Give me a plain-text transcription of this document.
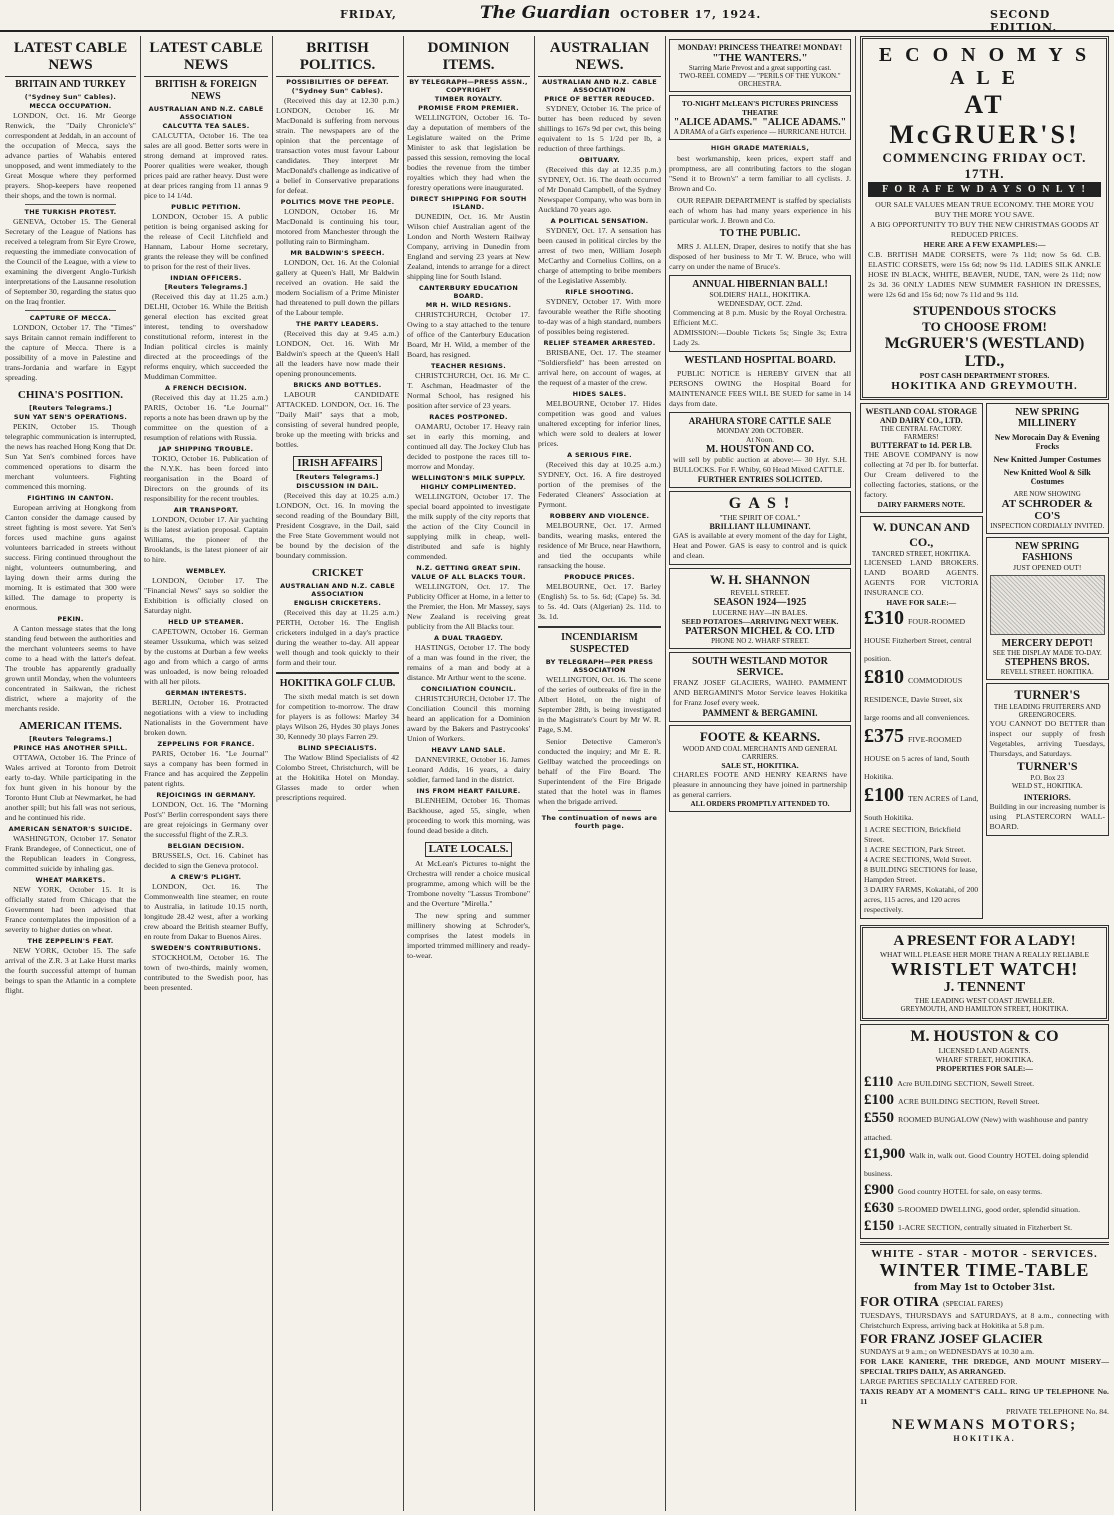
FRIDAY,	The Guardian OCTOBER 17, 1924.	SECOND EDITION.
LATEST CABLE NEWS
BRITAIN AND TURKEY
("Sydney Sun" Cables).
MECCA OCCUPATION.

LONDON, Oct. 16. Mr George Renwick, the "Daily Chronicle's" correspondent at Jeddah, in an account of the occupation of Mecca, says the advance parties of Wahabis entered unopposed, and went immediately to the Great Mosque where they performed prayers. Shop-keepers have reopened their shops, and the town is normal.

THE TURKISH PROTEST.

GENEVA, October 15. The General Secretary of the League of Nations has received a telegram from Sir Eyre Crowe, requesting the immediate convocation of the Council of the League, with a view to examining the divergent Anglo-Turkish interpretations of the Lausanne resolution of September 30, regarding the status quo on the Iraq frontier.

CAPTURE OF MECCA.

LONDON, October 17. The "Times" says Britain cannot remain indifferent to the capture of Mecca. There is a possibility of a move in Palestine and trans-Jordania and warfare in Egypt spreading.

CHINA'S POSITION.
[Reuters Telegrams.]
SUN YAT SEN'S OPERATIONS.

PEKIN, October 15. Though telegraphic communication is interrupted, the news has reached Hong Kong that Dr. Sun Yat Sen's combined forces have commenced operations to disarm the merchant volunteers. Fighting commenced this morning.

FIGHTING IN CANTON.

European arriving at Hongkong from Canton consider the damage caused by street fighting is most severe. Yat Sen's forces used machine guns against volunteers barricaded in streets without success. Firing continued throughout the night, volunteers outnumbering, and laying down their arms during the morning. It is estimated that 300 were killed. The damage to property is enormous.

PEKIN.

A Canton message states that the long standing feud between the authorities and the merchant volunteers seems to have come to a head with the latter's defeat. The trouble has apparently gradually grown until Monday, when the volunteers concentrated in Saikwan, the richest district, where a majority of the merchants reside.

AMERICAN ITEMS.
[Reuters Telegrams.]
PRINCE HAS ANOTHER SPILL.

OTTAWA, October 16. The Prince of Wales arrived at Toronto from Detroit early to-day. While participating in the fox hunt given in his honour by the Toronto Hunt Club at Newmarket, he had another spill; but his fall was not serious, and he continued his ride.

AMERICAN SENATOR'S SUICIDE.

WASHINGTON, October 17. Senator Frank Brandegee, of Connecticut, one of the Republican leaders in Congress, committed suicide by inhaling gas.

WHEAT MARKETS.

NEW YORK, October 15. It is officially stated from Chicago that the Government had been advised that France contemplates the imposition of a severity to higher duties on wheat.

THE ZEPPELIN'S FEAT.

NEW YORK, October 15. The safe arrival of the Z.R. 3 at Lake Hurst marks the fourth successful attempt of human beings to span the Atlantic in a complete flight.

LATEST CABLE NEWS
BRITISH & FOREIGN NEWS
AUSTRALIAN AND N.Z. CABLE ASSOCIATION
CALCUTTA TEA SALES.

CALCUTTA, October 16. The tea sales are all good. Better sorts were in strong demand at improved rates. Poorer qualities were weaker, though prices paid are rather heavy. Dust were at dear prices ranging from 11 annas 9 pice to 14 1/4d.

PUBLIC PETITION.

LONDON, October 15. A public petition is being organised asking for the release of Cecil Litchfield and Hannam, Labour Home secretary, grants the release they will be confined to prison for the rest of their lives.

INDIAN OFFICERS.
[Reuters Telegrams.]

(Received this day at 11.25 a.m.) DELHI, October 16. While the British general election has excited great interest, tending to overshadow constitutional reform, interest in the Indian political circles is mainly directed at the proceedings of the reforms enquiry, which succeeded the Muddiman Committee.

A FRENCH DECISION.

(Received this day at 11.25 a.m.) PARIS, October 16. "Le Journal" reports a note has been drawn up by the committee on the question of a resumption of relations with Russia.

JAP SHIPPING TROUBLE.

TOKIO, October 16. Publication of the N.Y.K. has been forced into reorganisation in the Board of Directors on the grounds of its responsibility for the recent troubles.

AIR TRANSPORT.

LONDON, October 17. Air yachting is the latest aviation proposal. Captain Williams, the pioneer of the Brooklands, is the latest pioneer of air to hire.

WEMBLEY.

LONDON, October 17. The "Financial News" says so soldier the Exhibition is officially closed on Saturday night.

HELD UP STEAMER.

CAPETOWN, October 16. German steamer Ussukuma, which was seized by the customs at Durban a few weeks ago and from which a cargo of arms was unloaded, is now being reloaded with all her pilots.

GERMAN INTERESTS.

BERLIN, October 16. Protracted negotiations with a view to including Nationalists in the Government have broken down.

ZEPPELINS FOR FRANCE.

PARIS, October 16. "Le Journal" says a company has been formed in France and has acquired the Zeppelin patent rights.

REJOICINGS IN GERMANY.

LONDON, Oct. 16. The "Morning Post's" Berlin correspondent says there are great rejoicings in Germany over the successful flight of the Z.R.3.

BELGIAN DECISION.

BRUSSELS, Oct. 16. Cabinet has decided to sign the Geneva protocol.

A CREW'S PLIGHT.

LONDON, Oct. 16. The Commonwealth line steamer, en route to Australia, in latitude 10.15 north, longitude 28.42 west, after a working crew aboard the British steamer Buffy, en route from Dakar to Buenos Aires.

SWEDEN'S CONTRIBUTIONS.

STOCKHOLM, October 16. The town of two-thirds, mainly women, contributed to the Swedish poor, has been presented.

BRITISH POLITICS.
POSSIBILITIES OF DEFEAT.
("Sydney Sun" Cables).

(Received this day at 12.30 p.m.) LONDON, October 16. Mr MacDonald is suffering from nervous strain. The newspapers are of the opinion that the percentage of transaction votes must favour Labour candidates. They interpret Mr MacDonald's challenge as indicative of a belief in Conservative preparations for defeat.

POLITICS MOVE THE PEOPLE.

LONDON, October 16. Mr MacDonald is continuing his tour, motored from Manchester through the polluting rain to Birmingham.

MR BALDWIN'S SPEECH.

LONDON, Oct. 16. At the Colonial gallery at Queen's Hall, Mr Baldwin received an ovation. He said the modern Socialism of a Prime Minister had threatened to pull down the pillars of the Labour temple.

THE PARTY LEADERS.

(Received this day at 9.45 a.m.) LONDON, Oct. 16. With Mr Baldwin's speech at the Queen's Hall all the leaders have now made their opening pronouncements.

BRICKS AND BOTTLES.

LABOUR CANDIDATE ATTACKED. LONDON, Oct. 16. The "Daily Mail" says that a mob, consisting of several hundred people, broke up the meeting with bricks and bottles.

IRISH AFFAIRS
[Reuters Telegrams.]
DISCUSSION IN DAIL.

(Received this day at 10.25 a.m.) LONDON, Oct. 16. In moving the second reading of the Boundary Bill, President Cosgrave, in the Dail, said the Free State Government would not be bound by the decision of the boundary commission.

CRICKET
AUSTRALIAN AND N.Z. CABLE ASSOCIATION
ENGLISH CRICKETERS.

(Received this day at 11.25 a.m.) PERTH, October 16. The English cricketers indulged in a day's practice during the weather to-day. All appear well though and took quickly to their form and their tour.

HOKITIKA GOLF CLUB.

The sixth medal match is set down for competition to-morrow. The draw for players is as follows: Marley 34 plays Wilson 26, Hydes 30 plays Jones 30, Kennedy 30 plays Farren 29.

BLIND SPECIALISTS.

The Watlow Blind Specialists of 42 Colombo Street, Christchurch, will be at the Hokitika Hotel on Monday. Glasses made to order when prescriptions required.

DOMINION ITEMS.
BY TELEGRAPH—PRESS ASSN., COPYRIGHT
TIMBER ROYALTY.
PROMISE FROM PREMIER.

WELLINGTON, October 16. To-day a deputation of members of the Legislature waited on the Prime Minister to ask that legislation be passed this session, removing the local bodies the revenue from the timber royalties which they had when the forestry operations were inaugurated.

DIRECT SHIPPING FOR SOUTH ISLAND.

DUNEDIN, Oct. 16. Mr Austin Wilson chief Australian agent of the London and North Western Railway Company, arriving in Dunedin from England and serving 23 years at New Zealand, intends to arrange for a direct shipping line for South Island.

CANTERBURY EDUCATION BOARD.
MR H. WILD RESIGNS.

CHRISTCHURCH, October 17. Owing to a stay attached to the tenure of office of the Canterbury Education Board, Mr H. Wild, a member of the Board, has resigned.

TEACHER RESIGNS.

CHRISTCHURCH, Oct. 16. Mr C. T. Aschman, Headmaster of the Normal School, has resigned his position after service of 23 years.

RACES POSTPONED.

OAMARU, October 17. Heavy rain set in early this morning, and continued all day. The Jockey Club has decided to postpone the races till to-morrow and Monday.

WELLINGTON'S MILK SUPPLY.
HIGHLY COMPLIMENTED.

WELLINGTON, October 17. The special board appointed to investigate the milk supply of the city reports that the action of the City Council in supplying milk in cheap, well-distributed and safe is highly commended.

N.Z. GETTING GREAT SPIN.
VALUE OF ALL BLACKS TOUR.

WELLINGTON, Oct. 17. The Publicity Officer at Home, in a letter to the Premier, the Hon. Mr Massey, says New Zealand is receiving great publicity from the All Blacks tour.

A DUAL TRAGEDY.

HASTINGS, October 17. The body of a man was found in the river, the remains of a man and body at a distance. Mr Arthur went to the scene.

CONCILIATION COUNCIL.

CHRISTCHURCH, October 17. The Conciliation Council this morning heard an application for a Dominion award by the Bakers and Pastrycooks' Union of Workers.

HEAVY LAND SALE.

DANNEVIRKE, October 16. James Leonard Addis, 16 years, a dairy soldier, farmed land in the district.

INS FROM HEART FAILURE.

BLENHEIM, October 16. Thomas Backhouse, aged 55, single, when proceeding to work this morning, was found dead beside a ditch.

LATE LOCALS.

At McLean's Pictures to-night the Orchestra will render a choice musical programme, among which will be the Trombone novelty "Lassus Trombone" and the Overture "Mirella."

The new spring and summer millinery showing at Schroder's, comprises the latest models in imported trimmed millinery and ready-to-wear.

AUSTRALIAN NEWS.
AUSTRALIAN AND N.Z. CABLE ASSOCIATION
PRICE OF BETTER REDUCED.

SYDNEY, October 16. The price of butter has been reduced by seven shillings to 167s 9d per cwt, this being equivalent to 1s 5 1/2d per lb, a reduction of three farthings.

OBITUARY.

(Received this day at 12.35 p.m.) SYDNEY, Oct. 16. The death occurred of Mr Donald Campbell, of the Sydney Newspaper Company, who was born in Auckland 70 years ago.

A POLITICAL SENSATION.

SYDNEY, Oct. 17. A sensation has been caused in political circles by the arrest of two men, William Joseph McCarthy and Cornelius Collins, on a charge of attempting to bribe members of the Legislative Assembly.

RIFLE SHOOTING.

SYDNEY, October 17. With more favourable weather the Rifle shooting to-day was of a high standard, numbers of possibles being registered.

RELIEF STEAMER ARRESTED.

BRISBANE, Oct. 17. The steamer "Soldiersfield" has been arrested on arrival here, on account of wages, at the request of a master of the crew.

HIDES SALES.

MELBOURNE, October 17. Hides competition was good and values unaltered excepting for inferior lines, which were sold to dealers at lower prices.

A SERIOUS FIRE.

(Received this day at 10.25 a.m.) SYDNEY, Oct. 16. A fire destroyed portion of the premises of the Federated Cleaners' Association at Pyrmont.

ROBBERY AND VIOLENCE.

MELBOURNE, Oct. 17. Armed bandits, wearing masks, entered the residence of Mr Bruce, near Hawthorn, and tied the occupants while ransacking the house.

PRODUCE PRICES.

MELBOURNE, Oct. 17. Barley (English) 5s. to 5s. 6d; (Cape) 5s. 3d. to 5s. 4d. Oats (Algerian) 2s. 11d. to 3s. 1d.

INCENDIARISM SUSPECTED
BY TELEGRAPH—PER PRESS ASSOCIATION

WELLINGTON, Oct. 16. The scene of the series of outbreaks of fire in the Albert Hotel, on the night of September 28th, is being investigated in the Magistrate's Court by Mr W. R. Page, S.M.

Senior Detective Cameron's conducted the inquiry; and Mr E. R. Gellbay watched the proceedings on behalf of the Fire Board. The Superintendent of the Fire Brigade stated that the hotel was in flames when the brigade arrived.

The continuation of news are fourth page.
MONDAY! PRINCESS THEATRE! MONDAY!
"THE WANTERS."
Starring Marie Prevost and a great supporting cast.
TWO-REEL COMEDY — "PERILS OF THE YUKON." ORCHESTRA.
TO-NIGHT McLEAN'S PICTURES PRINCESS THEATRE
"ALICE ADAMS." "ALICE ADAMS."
A DRAMA of a Girl's experience — HURRICANE HUTCH.
HIGH GRADE MATERIALS,

best workmanship, keen prices, expert staff and promptness, are all contributing factors to the slogan "Send it to Brown's" a term familiar to all cyclists. J. Brown and Co.

OUR REPAIR DEPARTMENT is staffed by specialists each of whom has had many years experience in his particular work. J. Brown and Co.

TO THE PUBLIC.

MRS J. ALLEN, Draper, desires to notify that she has disposed of her business to Mr T. W. Bruce, who will carry on under the name of Bruce's.

ANNUAL HIBERNIAN BALL!
SOLDIERS' HALL, HOKITIKA.
WEDNESDAY, OCT. 22nd.
Commencing at 8 p.m. Music by the Royal Orchestra. Efficient M.C.
ADMISSION:—Double Tickets 5s; Single 3s; Extra Lady 2s.
WESTLAND HOSPITAL BOARD.

PUBLIC NOTICE is HEREBY GIVEN that all PERSONS OWING the Hospital Board for MAINTENANCE FEES WILL BE SUED for same in 14 days from date.

ARAHURA STORE CATTLE SALE
MONDAY 20th OCTOBER.
At Noon.
M. HOUSTON AND CO.
will sell by public auction at above:— 30 Hyr. S.H. BULLOCKS. For F. Whiby, 60 Head Mixed CATTLE.
FURTHER ENTRIES SOLICITED.
G A S !
"THE SPIRIT OF COAL."
BRILLIANT ILLUMINANT.
GAS is available at every moment of the day for Light, Heat and Power. GAS is easy to control and is quick and clean.
W. H. SHANNON
REVELL STREET.
SEASON 1924—1925
LUCERNE HAY—IN BALES.
SEED POTATOES—ARRIVING NEXT WEEK.
PATERSON MICHEL & CO. LTD
PHONE NO 2. WHARF STREET.
SOUTH WESTLAND MOTOR SERVICE.
FRANZ JOSEF GLACIERS, WAIHO. PAMMENT AND BERGAMINI'S Motor Service leaves Hokitika for Franz Josef every week.
PAMMENT & BERGAMINI.
FOOTE & KEARNS.
WOOD AND COAL MERCHANTS AND GENERAL CARRIERS.
SALE ST., HOKITIKA.
CHARLES FOOTE AND HENRY KEARNS have pleasure in announcing they have joined in partnership as general carriers.
ALL ORDERS PROMPTLY ATTENDED TO.
E C O N O M Y S A L E
AT McGRUER'S!
COMMENCING FRIDAY OCT. 17TH.
F O R A F E W D A Y S O N L Y !
OUR SALE VALUES MEAN TRUE ECONOMY. THE MORE YOU BUY THE MORE YOU SAVE.
A BIG OPPORTUNITY TO BUY THE NEW CHRISTMAS GOODS AT REDUCED PRICES.
HERE ARE A FEW EXAMPLES:—
C.B. BRITISH MADE CORSETS, were 7s 11d; now 5s 6d. C.B. ELASTIC CORSETS, were 15s 6d; now 9s 11d. LADIES SILK ANKLE HOSE IN BLACK, WHITE, BEAVER, NUDE, TAN, were 2s 11d; now 2s 3d. 36 ONLY LADIES NEW SUMMER FASHION IN DRESSES, were 12s 6d and 15s 6d; now 7s 11d and 9s 11d.
STUPENDOUS STOCKS
TO CHOOSE FROM!
McGRUER'S (WESTLAND) LTD.,
POST CASH DEPARTMENT STORES.
HOKITIKA AND GREYMOUTH.
WESTLAND COAL STORAGE AND DAIRY CO., LTD.
THE CENTRAL FACTORY. FARMERS!
BUTTERFAT to 1d. PER LB.
THE ABOVE COMPANY is now collecting at 7d per lb. for butterfat. Our Cream delivered to the collecting factories, stations, or the factory.
DAIRY FARMERS NOTE.
W. DUNCAN AND CO.,
TANCRED STREET, HOKITIKA.
LICENSED LAND BROKERS. LAND BOARD AGENTS. AGENTS FOR VICTORIA INSURANCE CO.
HAVE FOR SALE:—
£310 FOUR-ROOMED HOUSE Fitzherbert Street, central position.
£810 COMMODIOUS RESIDENCE, Davie Street, six large rooms and all conveniences.
£375 FIVE-ROOMED HOUSE on 5 acres of land, South Hokitika.
£100 TEN ACRES of Land, South Hokitika.
1 ACRE SECTION, Brickfield Street.
1 ACRE SECTION, Park Street.
4 ACRE SECTIONS, Weld Street.
8 BUILDING SECTIONS for lease, Hampden Street.
3 DAIRY FARMS, Kokatahi, of 200 acres, 115 acres, and 120 acres respectively.
NEW SPRING MILLINERY
New Morocain Day & Evening Frocks
New Knitted Jumper Costumes
New Knitted Wool & Silk Costumes
ARE NOW SHOWING
AT SCHRODER & CO'S
INSPECTION CORDIALLY INVITED.
NEW SPRING FASHIONS
JUST OPENED OUT!
MERCERY DEPOT!
SEE THE DISPLAY MADE TO-DAY.
STEPHENS BROS.
REVELL STREET. HOKITIKA.
TURNER'S
THE LEADING FRUITERERS AND GREENGROCERS.
YOU CANNOT DO BETTER than inspect our supply of fresh Vegetables, arriving Tuesdays, Thursdays, and Saturdays.
TURNER'S
P.O. Box 23
WELD ST., HOKITIKA.
INTERIORS.
Building in our increasing number is using PLASTERCORN WALL-BOARD.
A PRESENT FOR A LADY!
WHAT WILL PLEASE HER MORE THAN A REALLY RELIABLE
WRISTLET WATCH!
J. TENNENT
THE LEADING WEST COAST JEWELLER.
GREYMOUTH, AND HAMILTON STREET, HOKITIKA.
M. HOUSTON & CO
LICENSED LAND AGENTS.
WHARF STREET, HOKITIKA.
PROPERTIES FOR SALE:—
£110 Acre BUILDING SECTION, Sewell Street.
£100 ACRE BUILDING SECTION, Revell Street.
£550 ROOMED BUNGALOW (New) with washhouse and pantry attached.
£1,900 Walk in, walk out. Good Country HOTEL doing splendid business.
£900 Good country HOTEL for sale, on easy terms.
£630 5-ROOMED DWELLING, good order, splendid situation.
£150 1-ACRE SECTION, centrally situated in Fitzherbert St.
WHITE - STAR - MOTOR - SERVICES.
WINTER TIME-TABLE
from May 1st to October 31st.
FOR OTIRA (SPECIAL FARES)
TUESDAYS, THURSDAYS and SATURDAYS, at 8 a.m., connecting with Christchurch Express, arriving back at Hokitika at 5.8 p.m.
FOR FRANZ JOSEF GLACIER
SUNDAYS at 9 a.m.; on WEDNESDAYS at 10.30 a.m.
FOR LAKE KANIERE, THE DREDGE, AND MOUNT MISERY—SPECIAL TRIPS DAILY, AS ARRANGED.
LARGE PARTIES SPECIALLY CATERED FOR.
TAXIS READY AT A MOMENT'S CALL. RING UP TELEPHONE No. 11
PRIVATE TELEPHONE No. 84.
NEWMANS MOTORS;
HOKITIKA.
